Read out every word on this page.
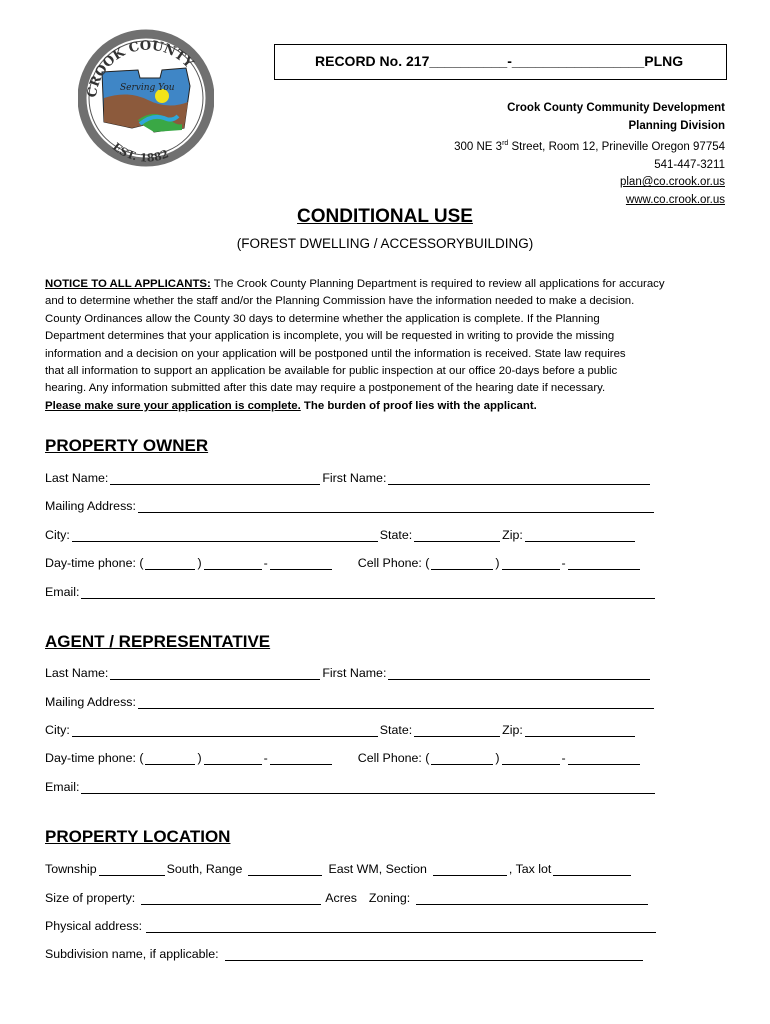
CROOK COUNTY
EST. 1882
Serving You
RECORD No. 217__________-_________________PLNG
Crook County Community Development
Planning Division
300 NE 3rd Street, Room 12, Prineville Oregon 97754
541-447-3211
plan@co.crook.or.us
www.co.crook.or.us
CONDITIONAL USE
(FOREST DWELLING / ACCESSORYBUILDING)
NOTICE TO ALL APPLICANTS: The Crook County Planning Department is required to review all applications for accuracy
and to determine whether the staff and/or the Planning Commission have the information needed to make a decision.
County Ordinances allow the County 30 days to determine whether the application is complete. If the Planning
Department determines that your application is incomplete, you will be requested in writing to provide the missing
information and a decision on your application will be postponed until the information is received. State law requires
that all information to support an application be available for public inspection at our office 20-days before a public
hearing. Any information submitted after this date may require a postponement of the hearing date if necessary.
Please make sure your application is complete. The burden of proof lies with the applicant.
PROPERTY OWNER
Last Name:	First Name:
Mailing Address:
City:	State:	Zip:
Day-time phone: (	)	-	Cell Phone: (	)	-
Email:
AGENT / REPRESENTATIVE
Last Name:	First Name:
Mailing Address:
City:	State:	Zip:
Day-time phone: (	)	-	Cell Phone: (	)	-
Email:
PROPERTY LOCATION
Township	South, Range	East WM, Section	, Tax lot
Size of property:	Acres Zoning:
Physical address:
Subdivision name, if applicable:
